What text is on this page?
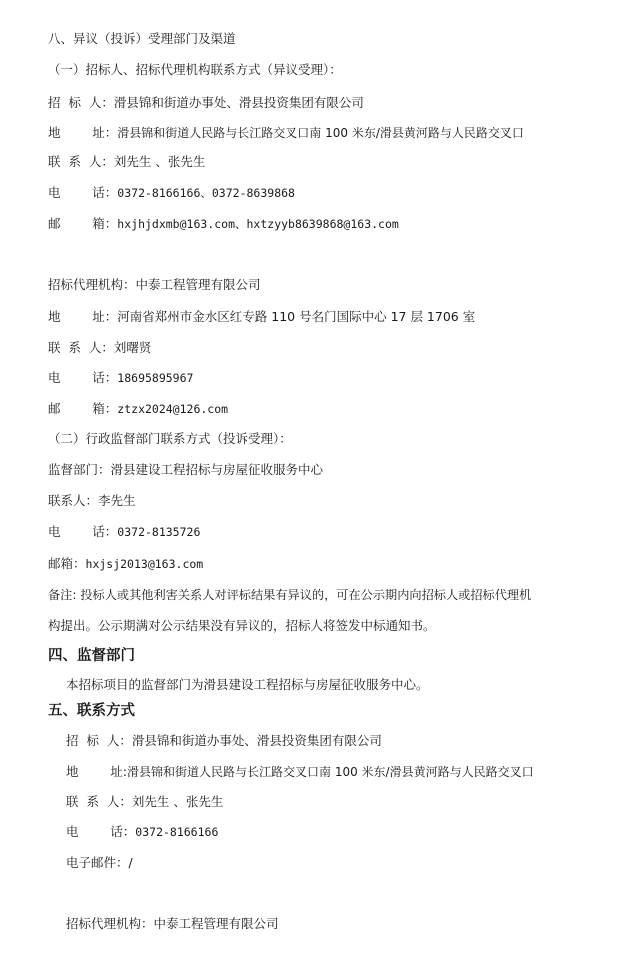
八、异议（投诉）受理部门及渠道
（一）招标人、招标代理机构联系方式（异议受理）：
招  标  人：滑县锦和街道办事处、滑县投资集团有限公司
地        址：滑县锦和街道人民路与长江路交叉口南 100 米东/滑县黄河路与人民路交叉口
联  系  人：刘先生 、张先生
电        话：0372-8166166、0372-8639868
邮        箱：hxjhjdxmb@163.com、hxtzyyb8639868@163.com
招标代理机构：中泰工程管理有限公司
地        址：河南省郑州市金水区红专路 110 号名门国际中心 17 层 1706 室
联  系  人：刘曙贤
电        话：18695895967
邮        箱：ztzx2024@126.com
（二）行政监督部门联系方式（投诉受理）：
监督部门：滑县建设工程招标与房屋征收服务中心
联系人：李先生
电        话：0372-8135726
邮箱：hxjsj2013@163.com
备注: 投标人或其他利害关系人对评标结果有异议的，可在公示期内向招标人或招标代理机
构提出。公示期满对公示结果没有异议的，招标人将签发中标通知书。
四、监督部门
本招标项目的监督部门为滑县建设工程招标与房屋征收服务中心。
五、联系方式
招  标  人：滑县锦和街道办事处、滑县投资集团有限公司
地        址:滑县锦和街道人民路与长江路交叉口南 100 米东/滑县黄河路与人民路交叉口
联  系  人：刘先生 、张先生
电        话：0372-8166166
电子邮件：/
招标代理机构：中泰工程管理有限公司
